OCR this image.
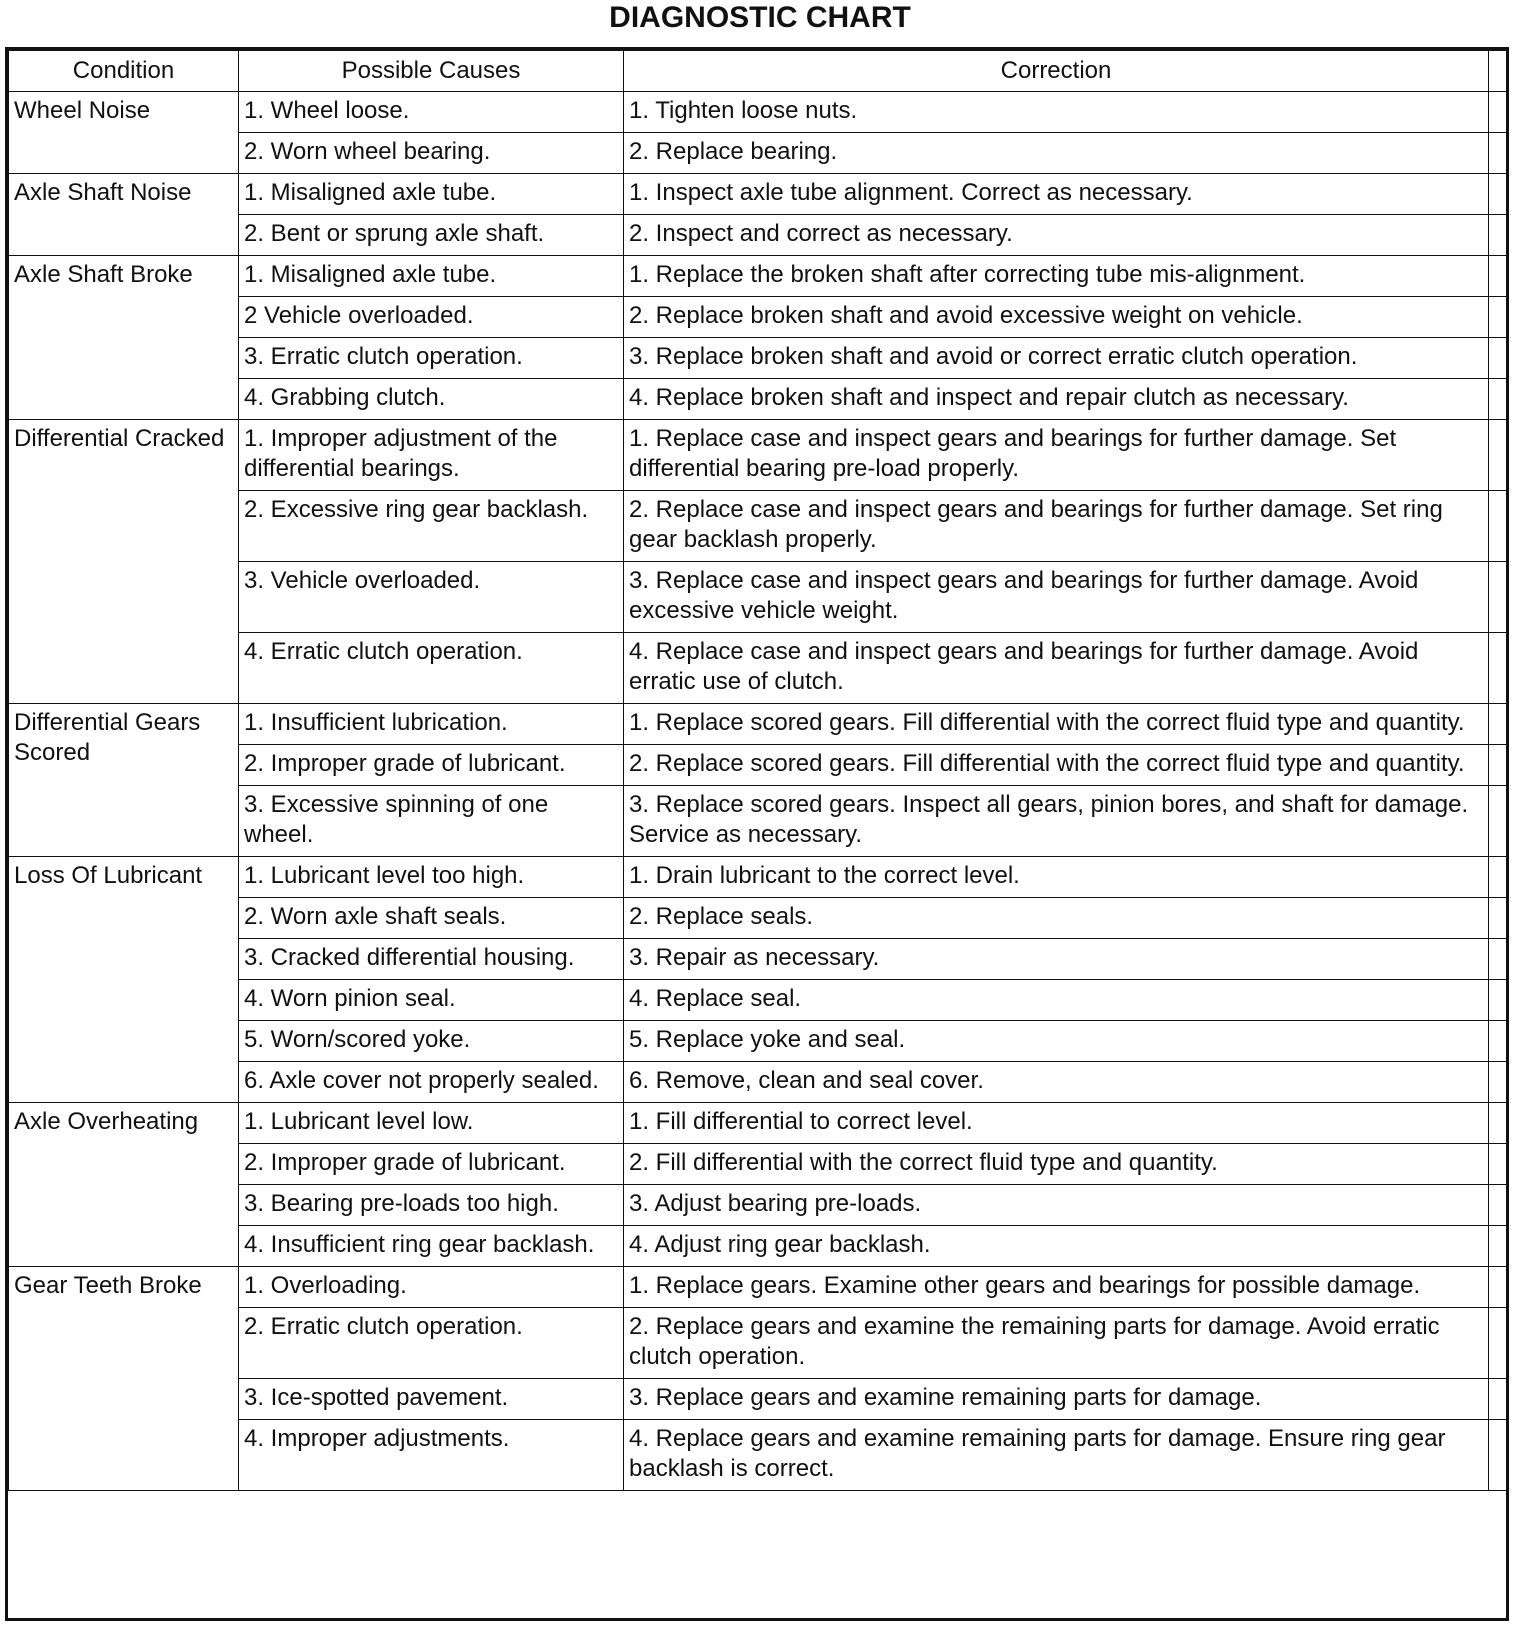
DIAGNOSTIC CHART
Condition	Possible Causes	Correction	
Wheel Noise	1. Wheel loose.	1. Tighten loose nuts.	
	2. Worn wheel bearing.	2. Replace bearing.	
Axle Shaft Noise	1. Misaligned axle tube.	1. Inspect axle tube alignment. Correct as necessary.	
	2. Bent or sprung axle shaft.	2. Inspect and correct as necessary.	
Axle Shaft Broke	1. Misaligned axle tube.	1. Replace the broken shaft after correcting tube mis-alignment.	
	2 Vehicle overloaded.	2. Replace broken shaft and avoid excessive weight on vehicle.	
	3. Erratic clutch operation.	3. Replace broken shaft and avoid or correct erratic clutch operation.	
	4. Grabbing clutch.	4. Replace broken shaft and inspect and repair clutch as necessary.	
Differential Cracked	1. Improper adjustment of the differential bearings.	1. Replace case and inspect gears and bearings for further damage. Set differential bearing pre-load properly.	
	2. Excessive ring gear backlash.	2. Replace case and inspect gears and bearings for further damage. Set ring gear backlash properly.	
	3. Vehicle overloaded.	3. Replace case and inspect gears and bearings for further damage. Avoid excessive vehicle weight.	
	4. Erratic clutch operation.	4. Replace case and inspect gears and bearings for further damage. Avoid erratic use of clutch.	
Differential Gears Scored	1. Insufficient lubrication.	1. Replace scored gears. Fill differential with the correct fluid type and quantity.	
	2. Improper grade of lubricant.	2. Replace scored gears. Fill differential with the correct fluid type and quantity.	
	3. Excessive spinning of one wheel.	3. Replace scored gears. Inspect all gears, pinion bores, and shaft for damage. Service as necessary.	
Loss Of Lubricant	1. Lubricant level too high.	1. Drain lubricant to the correct level.	
	2. Worn axle shaft seals.	2. Replace seals.	
	3. Cracked differential housing.	3. Repair as necessary.	
	4. Worn pinion seal.	4. Replace seal.	
	5. Worn/scored yoke.	5. Replace yoke and seal.	
	6. Axle cover not properly sealed.	6. Remove, clean and seal cover.	
Axle Overheating	1. Lubricant level low.	1. Fill differential to correct level.	
	2. Improper grade of lubricant.	2. Fill differential with the correct fluid type and quantity.	
	3. Bearing pre-loads too high.	3. Adjust bearing pre-loads.	
	4. Insufficient ring gear backlash.	4. Adjust ring gear backlash.	
Gear Teeth Broke	1. Overloading.	1. Replace gears. Examine other gears and bearings for possible damage.	
	2. Erratic clutch operation.	2. Replace gears and examine the remaining parts for damage. Avoid erratic clutch operation.	
	3. Ice-spotted pavement.	3. Replace gears and examine remaining parts for damage.	
	4. Improper adjustments.	4. Replace gears and examine remaining parts for damage. Ensure ring gear backlash is correct.	
